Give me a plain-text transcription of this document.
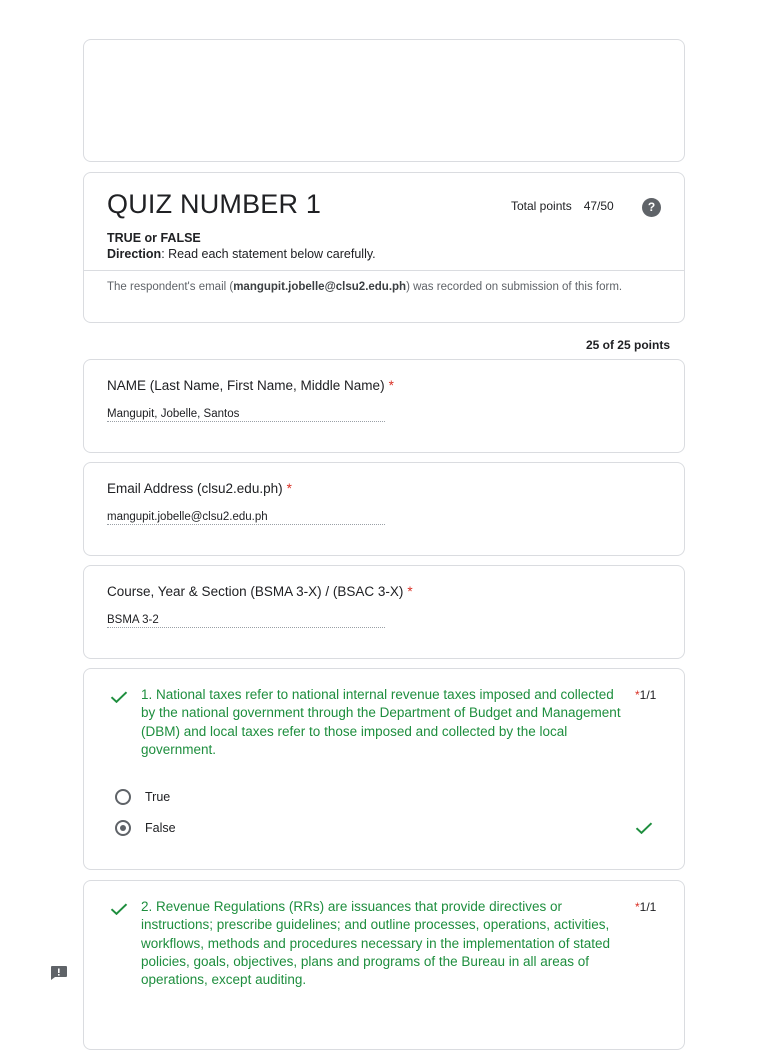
QUIZ NUMBER 1	Total points 47/50	?
TRUE or FALSE
Direction: Read each statement below carefully.
The respondent's email (mangupit.jobelle@clsu2.edu.ph) was recorded on submission of this form.
25 of 25 points
NAME (Last Name, First Name, Middle Name) *
Mangupit, Jobelle, Santos
Email Address (clsu2.edu.ph) *
mangupit.jobelle@clsu2.edu.ph
Course, Year & Section (BSMA 3-X) / (BSAC 3-X) *
BSMA 3-2
1. National taxes refer to national internal revenue taxes imposed and collected by the national government through the Department of Budget and Management (DBM) and local taxes refer to those imposed and collected by the local government.
*1/1
True
False
2. Revenue Regulations (RRs) are issuances that provide directives or instructions; prescribe guidelines; and outline processes, operations, activities, workflows, methods and procedures necessary in the implementation of stated policies, goals, objectives, plans and programs of the Bureau in all areas of operations, except auditing.
*1/1
